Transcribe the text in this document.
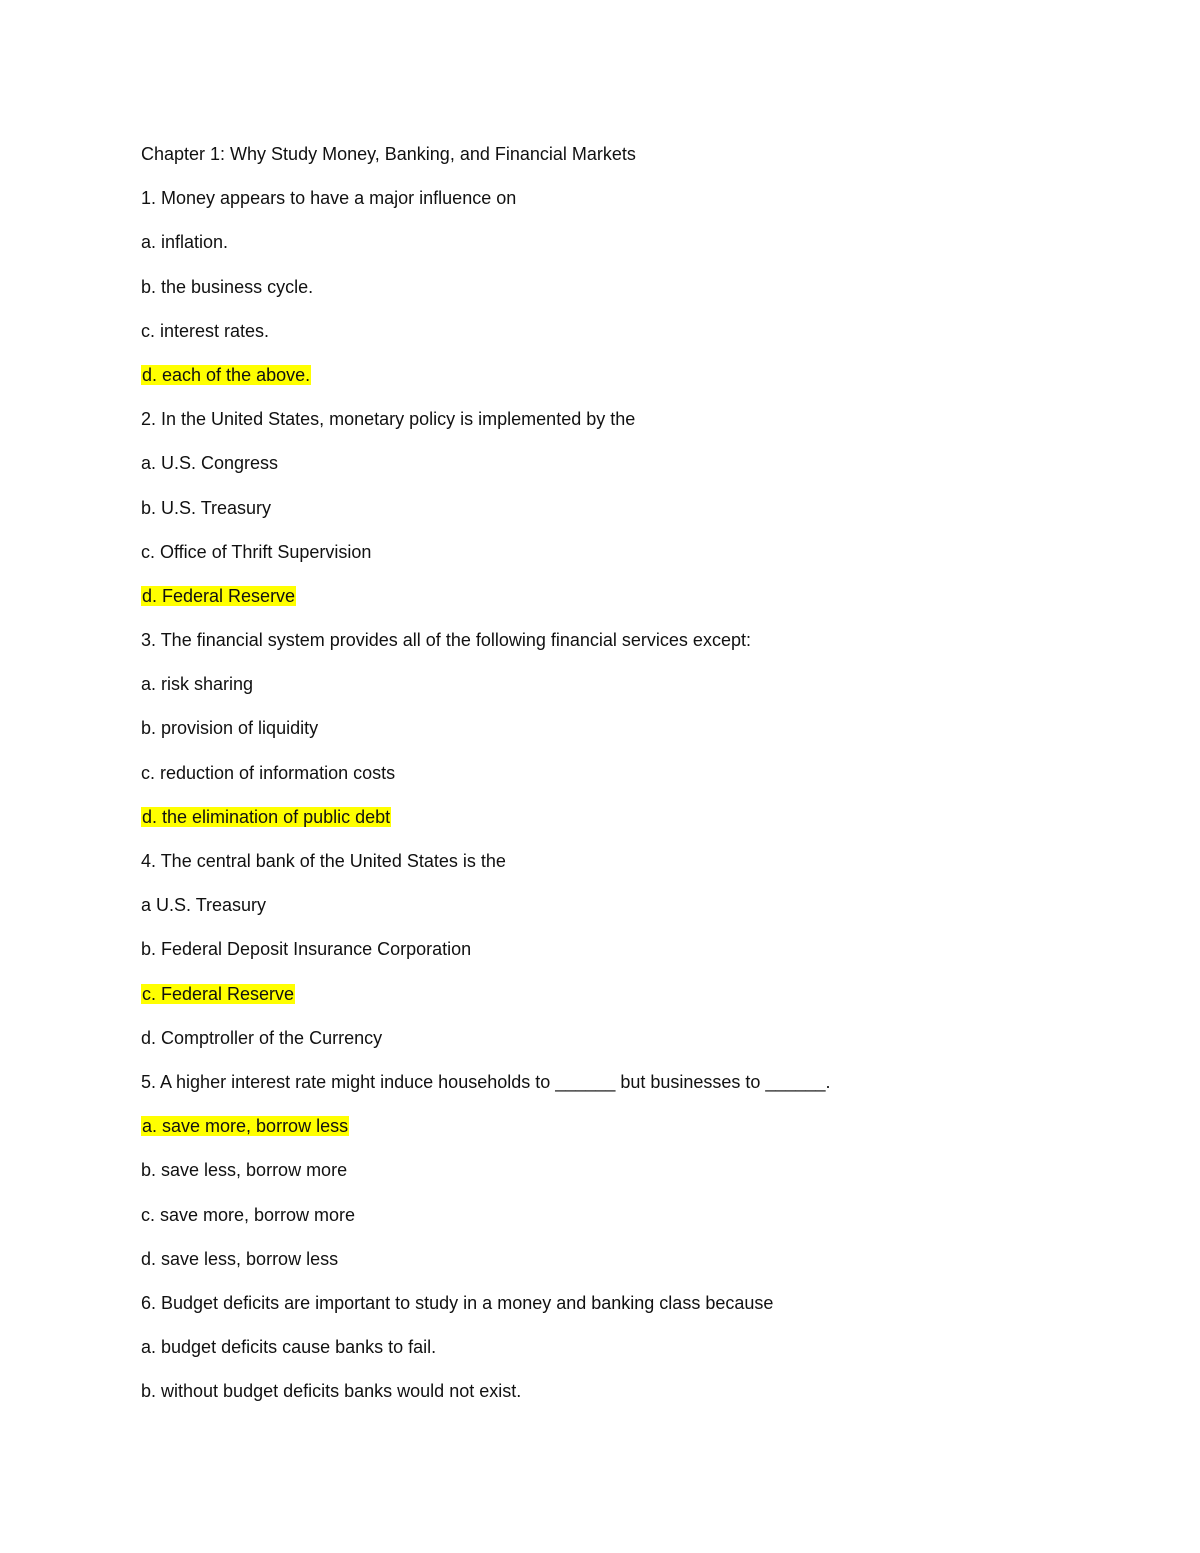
Chapter 1: Why Study Money, Banking, and Financial Markets
1. Money appears to have a major influence on
a. inflation.
b. the business cycle.
c. interest rates.
d. each of the above.
2. In the United States, monetary policy is implemented by the
a. U.S. Congress
b. U.S. Treasury
c. Office of Thrift Supervision
d. Federal Reserve
3. The financial system provides all of the following financial services except:
a. risk sharing
b. provision of liquidity
c. reduction of information costs
d. the elimination of public debt
4. The central bank of the United States is the
a U.S. Treasury
b. Federal Deposit Insurance Corporation
c. Federal Reserve
d. Comptroller of the Currency
5. A higher interest rate might induce households to ______ but businesses to ______.
a. save more, borrow less
b. save less, borrow more
c. save more, borrow more
d. save less, borrow less
6. Budget deficits are important to study in a money and banking class because
a. budget deficits cause banks to fail.
b. without budget deficits banks would not exist.
